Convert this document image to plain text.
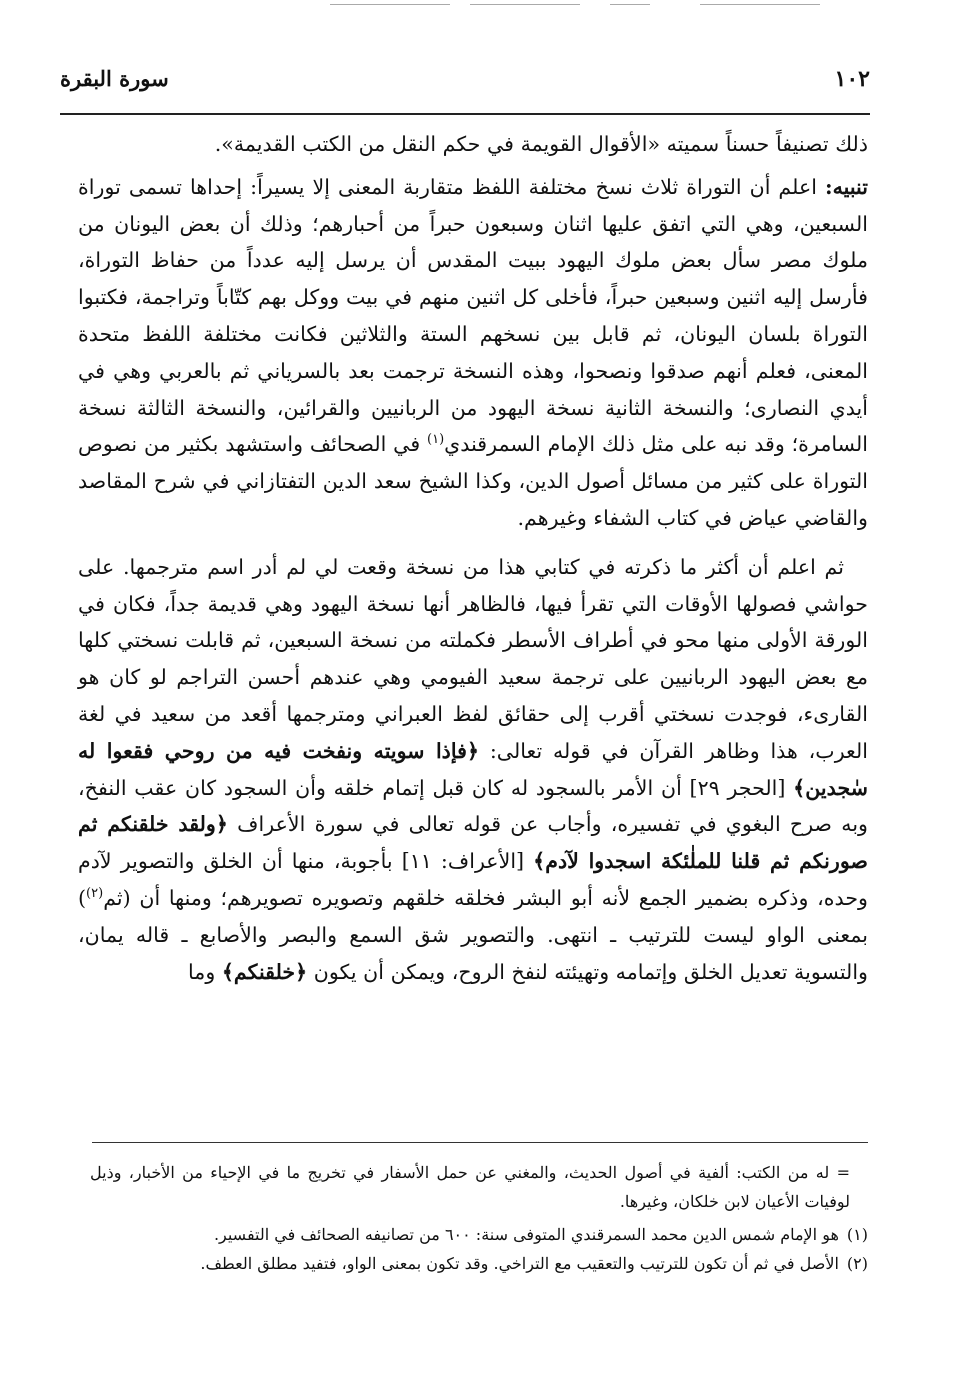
١٠٢
سورة البقرة

ذلك تصنيفاً حسناً سميته «الأقوال القويمة في حكم النقل من الكتب القديمة».

تنبيه: اعلم أن التوراة ثلاث نسخ مختلفة اللفظ متقاربة المعنى إلا يسيراً: إحداها تسمى توراة السبعين، وهي التي اتفق عليها اثنان وسبعون حبراً من أحبارهم؛ وذلك أن بعض اليونان من ملوك مصر سأل بعض ملوك اليهود ببيت المقدس أن يرسل إليه عدداً من حفاظ التوراة، فأرسل إليه اثنين وسبعين حبراً، فأخلى كل اثنين منهم في بيت ووكل بهم كتّاباً وتراجمة، فكتبوا التوراة بلسان اليونان، ثم قابل بين نسخهم الستة والثلاثين فكانت مختلفة اللفظ متحدة المعنى، فعلم أنهم صدقوا ونصحوا، وهذه النسخة ترجمت بعد بالسرياني ثم بالعربي وهي في أيدي النصارى؛ والنسخة الثانية نسخة اليهود من الربانيين والقرائين، والنسخة الثالثة نسخة السامرة؛ وقد نبه على مثل ذلك الإمام السمرقندي$^{(١)}$ في الصحائف واستشهد بكثير من نصوص التوراة على كثير من مسائل أصول الدين، وكذا الشيخ سعد الدين التفتازاني في شرح المقاصد والقاضي عياض في كتاب الشفاء وغيرهم.

ثم اعلم أن أكثر ما ذكرته في كتابي هذا من نسخة وقعت لي لم أدر اسم مترجمها. على حواشي فصولها الأوقات التي تقرأ فيها، فالظاهر أنها نسخة اليهود وهي قديمة جداً، فكان في الورقة الأولى منها محو في أطراف الأسطر فكملته من نسخة السبعين، ثم قابلت نسختي كلها مع بعض اليهود الربانيين على ترجمة سعيد الفيومي وهي عندهم أحسن التراجم لو كان هو القارىء، فوجدت نسختي أقرب إلى حقائق لفظ العبراني ومترجمها أقعد من سعيد في لغة العرب، هذا وظاهر القرآن في قوله تعالى: ﴿فإذا سويته ونفخت فيه من روحي فقعوا له سٰجدين﴾ [الحجر ٢٩] أن الأمر بالسجود له كان قبل إتمام خلقه وأن السجود كان عقب النفخ، وبه صرح البغوي في تفسيره، وأجاب عن قوله تعالى في سورة الأعراف ﴿ولقد خلقنكم ثم صورنكم ثم قلنا للملٰئكة اسجدوا لآدم﴾ [الأعراف: ١١] بأجوبة، منها أن الخلق والتصوير لآدم وحده، وذكره بضمير الجمع لأنه أبو البشر فخلقه خلقهم وتصويره تصويرهم؛ ومنها أن (ثم$^{(٢)}$) بمعنى الواو ليست للترتيب ـ انتهى. والتصوير شق السمع والبصر والأصابع ـ قاله يمان، والتسوية تعديل الخلق وإتمامه وتهيئته لنفخ الروح، ويمكن أن يكون ﴿خلقنكم﴾ وما

= له من الكتب: ألفية في أصول الحديث، والمغني عن حمل الأسفار في تخريج ما في الإحياء من الأخبار، وذيل لوفيات الأعيان لابن خلكان، وغيرها.

(١)هو الإمام شمس الدين محمد السمرقندي المتوفى سنة: ٦٠٠ من تصانيفه الصحائف في التفسير.

(٢)الأصل في ثم أن تكون للترتيب والتعقيب مع التراخي. وقد تكون بمعنى الواو، فتفيد مطلق العطف.
